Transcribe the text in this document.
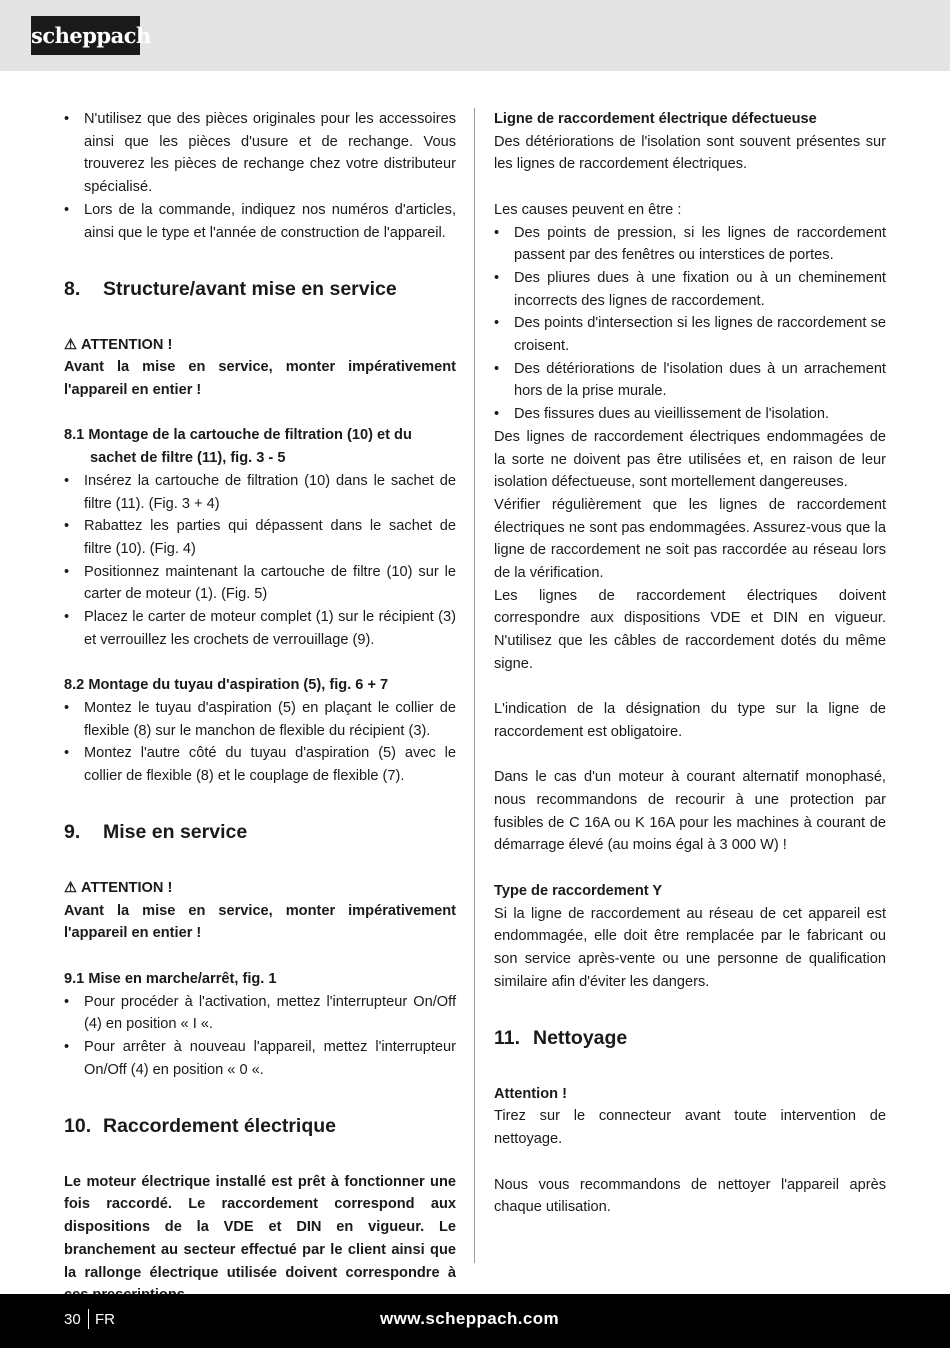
scheppach
• N'utilisez que des pièces originales pour les accessoires ainsi que les pièces d'usure et de rechange. Vous trouverez les pièces de rechange chez votre distributeur spécialisé.
• Lors de la commande, indiquez nos numéros d'articles, ainsi que le type et l'année de construction de l'appareil.
8.	Structure/avant mise en service

⚠ ATTENTION !

Avant la mise en service, monter impérativement l'appareil en entier !

8.1 Montage de la cartouche de filtration (10) et du sachet de filtre (11), fig. 3 - 5

• Insérez la cartouche de filtration (10) dans le sachet de filtre (11). (Fig. 3 + 4)
• Rabattez les parties qui dépassent dans le sachet de filtre (10). (Fig. 4)
• Positionnez maintenant la cartouche de filtre (10) sur le carter de moteur (1). (Fig. 5)
• Placez le carter de moteur complet (1) sur le récipient (3) et verrouillez les crochets de verrouillage (9).

8.2 Montage du tuyau d'aspiration (5), fig. 6 + 7

• Montez le tuyau d'aspiration (5) en plaçant le collier de flexible (8) sur le manchon de flexible du récipient (3).
• Montez l'autre côté du tuyau d'aspiration (5) avec le collier de flexible (8) et le couplage de flexible (7).
9.	Mise en service

⚠ ATTENTION !

Avant la mise en service, monter impérativement l'appareil en entier !

9.1 Mise en marche/arrêt, fig. 1

• Pour procéder à l'activation, mettez l'interrupteur On/Off (4) en position « I «.
• Pour arrêter à nouveau l'appareil, mettez l'interrupteur On/Off (4) en position « 0 «.
10. Raccordement électrique

Le moteur électrique installé est prêt à fonctionner une fois raccordé. Le raccordement correspond aux dispositions de la VDE et DIN en vigueur. Le branchement au secteur effectué par le client ainsi que la rallonge électrique utilisée doivent correspondre à

Ligne de raccordement électrique défectueuse

Des détériorations de l'isolation sont souvent présentes sur les lignes de raccordement électriques.

Les causes peuvent en être :

• Des points de pression, si les lignes de raccordement passent par des fenêtres ou interstices de portes.
• Des pliures dues à une fixation ou à un cheminement incorrects des lignes de raccordement.
• Des points d'intersection si les lignes de raccordement se croisent.
• Des détériorations de l'isolation dues à un arrachement hors de la prise murale.
• Des fissures dues au vieillissement de l'isolation.

Des lignes de raccordement électriques endommagées de la sorte ne doivent pas être utilisées et, en raison de leur isolation défectueuse, sont mortellement dangereuses.

Vérifier régulièrement que les lignes de raccordement électriques ne sont pas endommagées. Assurez-vous que la ligne de raccordement ne soit pas raccordée au réseau lors de la vérification.

Les lignes de raccordement électriques doivent correspondre aux dispositions VDE et DIN en vigueur. N'utilisez que les câbles de raccordement dotés du même signe.

L'indication de la désignation du type sur la ligne de raccordement est obligatoire.

Dans le cas d'un moteur à courant alternatif monophasé, nous recommandons de recourir à une protection par fusibles de C 16A ou K 16A pour les machines à courant de démarrage élevé (au moins égal à 3 000 W) !

Type de raccordement Y

Si la ligne de raccordement au réseau de cet appareil est endommagée, elle doit être remplacée par le fabricant ou son service après-vente ou une personne de qualification similaire afin d'éviter les dangers.

11. Nettoyage

Attention !

Tirez sur le connecteur avant toute intervention de nettoyage.

Nous vous recommandons de nettoyer l'appareil après chaque utilisation.

30 FR	www.scheppach.com
